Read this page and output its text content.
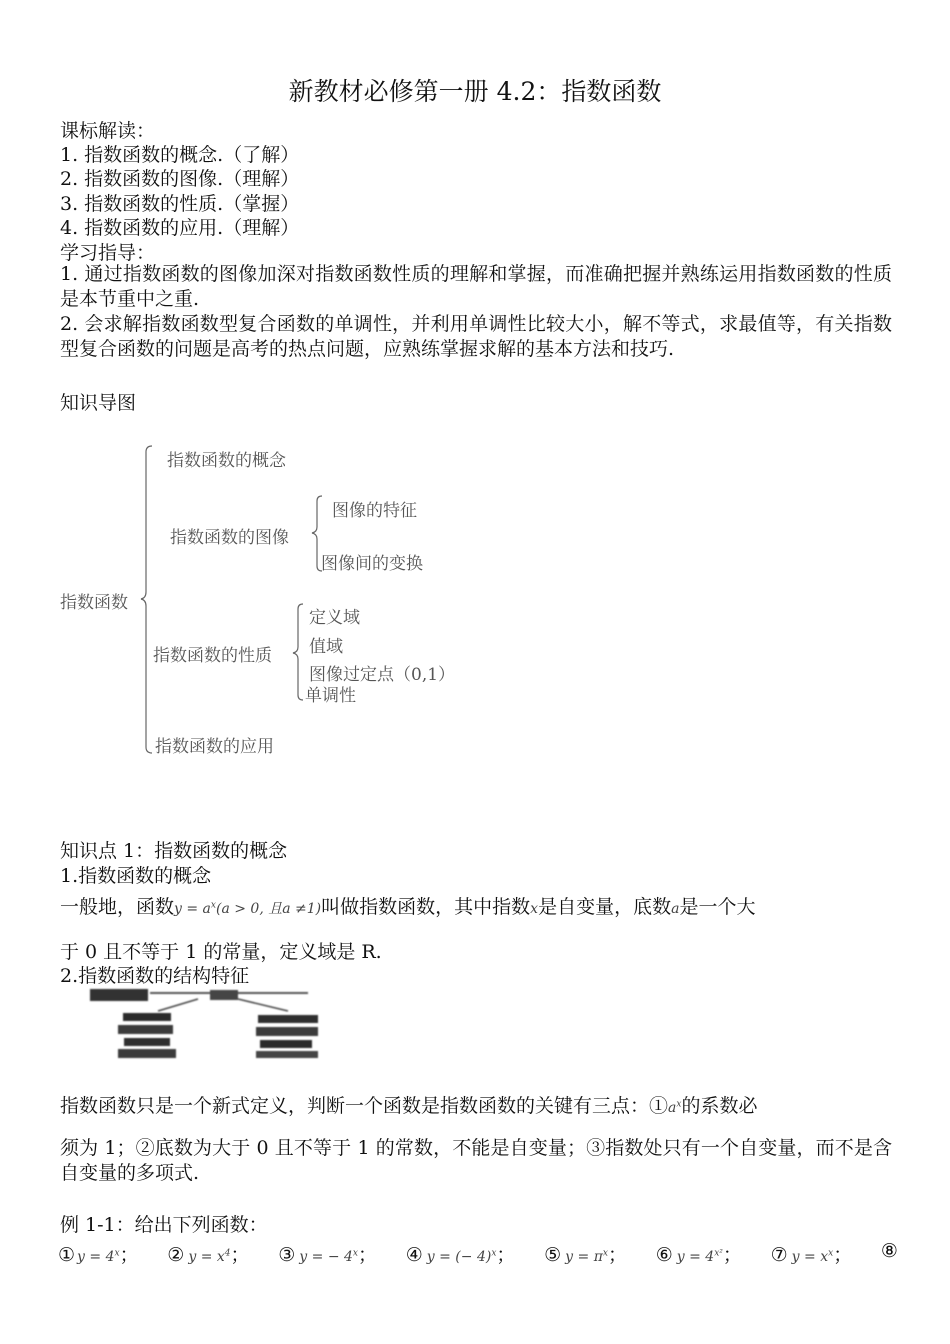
新教材必修第一册 4.2：指数函数
课标解读：
1. 指数函数的概念.（了解）
2. 指数函数的图像.（理解）
3. 指数函数的性质.（掌握）
4. 指数函数的应用.（理解）
学习指导：
1. 通过指数函数的图像加深对指数函数性质的理解和掌握，而准确把握并熟练运用指数函数的性质是本节重中之重.
2. 会求解指数函数型复合函数的单调性，并利用单调性比较大小，解不等式，求最值等，有关指数型复合函数的问题是高考的热点问题，应熟练掌握求解的基本方法和技巧.
知识导图
指数函数
指数函数的概念
指数函数的图像
图像的特征
图像间的变换
指数函数的性质
定义域
值域
图像过定点（0,1）
单调性
指数函数的应用
知识点 1：指数函数的概念
1.指数函数的概念
一般地，函数$y = a^x(a > 0$, 且a ≠1)叫做指数函数，其中指数x是自变量，底数a是一个大
于 0 且不等于 1 的常量，定义域是 R.
2.指数函数的结构特征
指数函数只是一个新式定义，判断一个函数是指数函数的关键有三点：$①a^x$的系数必
须为 1；②底数为大于 0 且不等于 1 的常数，不能是自变量；③指数处只有一个自变量，而不是含自变量的多项式.
例 1-1：给出下列函数：
① $y = 4^x$； ② $y = x^4$； ③ y = − $4^x$； ④ y = (− 4)$^x$； ⑤ $y = \pi^x$； ⑥ $y = 4^{x^2}$； ⑦ $y = x^x$； ⑧
